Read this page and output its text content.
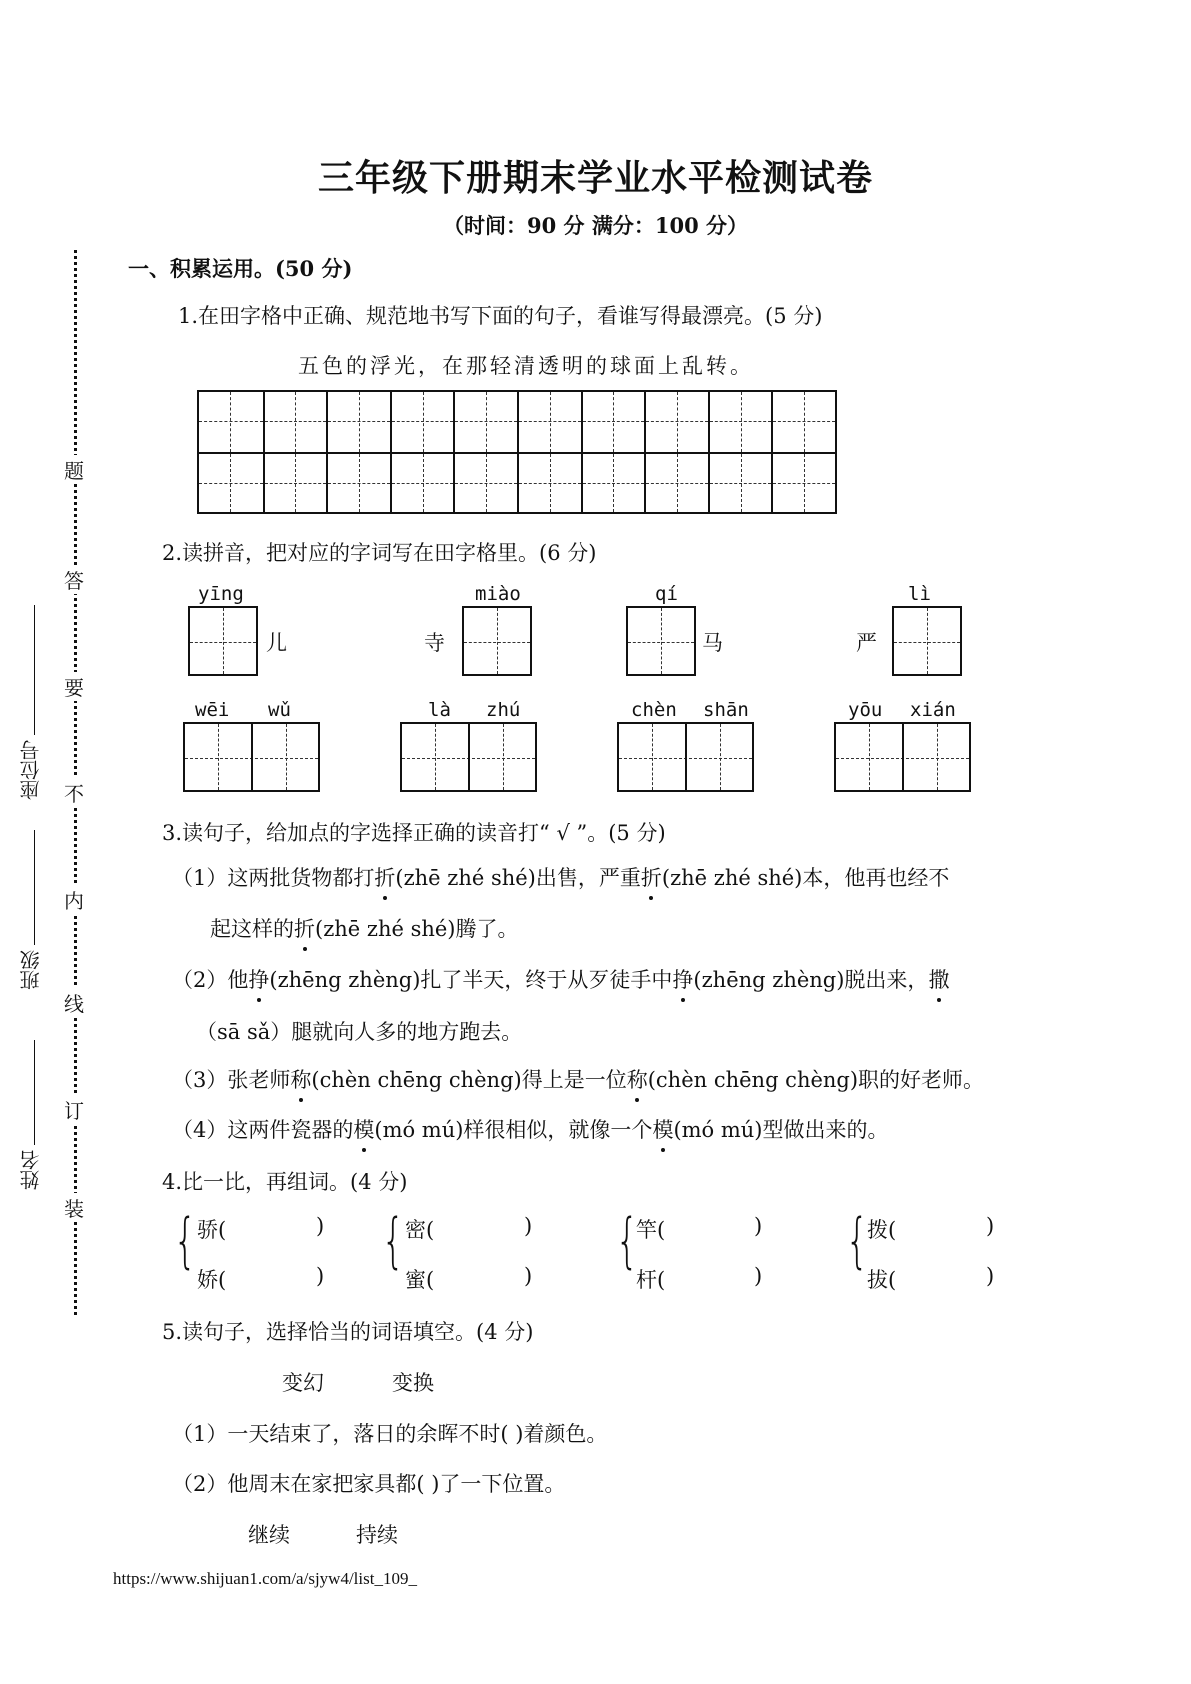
三年级下册期末学业水平检测试卷
（时间：90 分 满分：100 分）
题
答
要
不
内
线
订
装
座位号
班级
姓名
一、积累运用。(50 分)
1.在田字格中正确、规范地书写下面的句子，看谁写得最漂亮。(5 分)
五色的浮光，在那轻清透明的球面上乱转。
2.读拼音，把对应的字词写在田字格里。(6 分)
yīng
儿
miào
寺
qí
马
lì
严
wēi wǔ	là zhú	chèn shān	yōu xián
3.读句子，给加点的字选择正确的读音打“ √ ”。(5 分)
（1）这两批货物都打折(zhē zhé shé)出售，严重折(zhē zhé shé)本，他再也经不
起这样的折(zhē zhé shé)腾了。
（2）他挣(zhēng zhèng)扎了半天，终于从歹徒手中挣(zhēng zhèng)脱出来，撒
（sā sǎ）腿就向人多的地方跑去。
（3）张老师称(chèn chēng chèng)得上是一位称(chèn chēng chèng)职的好老师。
（4）这两件瓷器的模(mó mú)样很相似，就像一个模(mó mú)型做出来的。
4.比一比，再组词。(4 分)
{ 骄(	)
娇(	) { 密(	)
蜜(	) {
竿(	)
杆(	) {
拨(	)
拔(	)
5.读句子，选择恰当的词语填空。(4 分)
变幻	变换
（1）一天结束了，落日的余晖不时( )着颜色。
（2）他周末在家把家具都( )了一下位置。
继续	持续
https://www.shijuan1.com/a/sjyw4/list_109_
